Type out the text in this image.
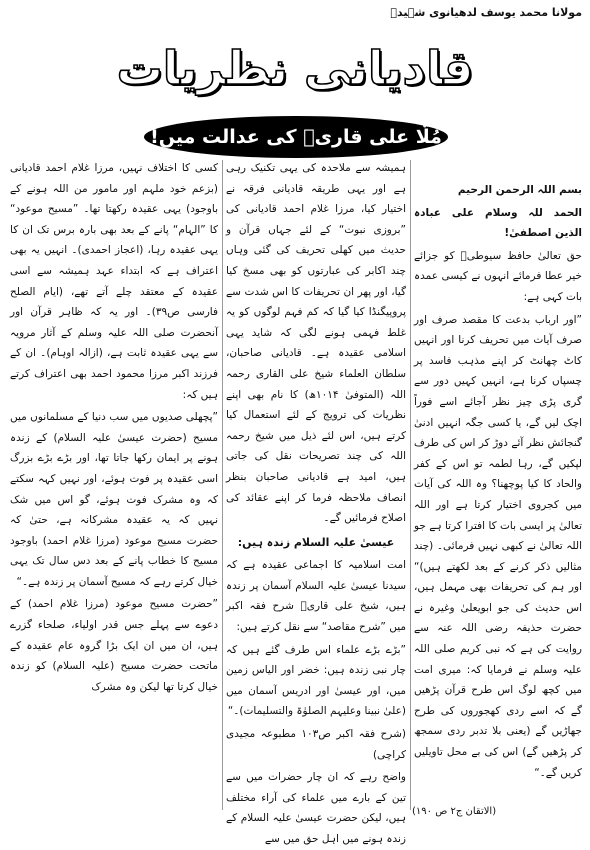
مولانا محمد یوسف لدھیانوی شہیدؒ
قادیانی نظریات
مُلّا علی قاریؒ کی عدالت میں!

بسم اللہ الرحمن الرحیم

الحمد للہ وسلام علی عبادہ الذین اصطفیٰ!

حق تعالیٰ حافظ سیوطیؒ کو جزائے خیر عطا فرمائے انہوں نے کیسی عمدہ بات کہی ہے:

”اور ارباب بدعت کا مقصد صرف اور صرف آیات میں تحریف کرنا اور انہیں کاٹ چھانٹ کر اپنے مذہب فاسد پر چسپاں کرنا ہے، انہیں کہیں دور سے گری پڑی چیز نظر آجائے اسے فوراً اچک لیں گے، یا کسی جگہ انہیں ادنیٰ گنجائش نظر آئے دوڑ کر اس کی طرف لپکیں گے، رہا لطمہ تو اس کے کفر والحاد کا کیا پوچھنا؟ وہ اللہ کی آیات میں کجروی اختیار کرتا ہے اور اللہ تعالیٰ پر ایسی بات کا افترا کرتا ہے جو اللہ تعالیٰ نے کبھی نہیں فرمائی۔ (چند مثالیں ذکر کرنے کے بعد لکھتے ہیں)“ اور ہم کی تحریفات بھی مہمل ہیں، اس حدیث کی جو ابویعلیٰ وغیرہ نے حضرت حذیفہ رضی اللہ عنہ سے روایت کی ہے کہ نبی کریم صلی اللہ علیہ وسلم نے فرمایا کہ: میری امت میں کچھ لوگ اس طرح قرآن پڑھیں گے کہ اسے ردی کھجوروں کی طرح جھاڑیں گے (یعنی بلا تدبر ردی سمجھ کر پڑھیں گے) اس کی بے محل تاویلیں کریں گے۔“

(الاتقان ج۲ ص ۱۹۰)

ہمیشہ سے ملاحدہ کی یہی تکنیک رہی ہے اور یہی طریقہ قادیانی فرقہ نے اختیار کیا، مرزا غلام احمد قادیانی کی ”بروزی نبوت“ کے لئے جہاں قرآن و حدیث میں کھلی تحریف کی گئی وہاں چند اکابر کی عبارتوں کو بھی مسخ کیا گیا، اور پھر ان تحریفات کا اس شدت سے پروپیگنڈا کیا گیا کہ کم فہم لوگوں کو یہ غلط فہمی ہونے لگی کہ شاید یہی اسلامی عقیدہ ہے۔ قادیانی صاحبان، سلطان العلماء شیخ علی القاری رحمہ اللہ (المتوفیٰ ۱۰۱۴ھ) کا نام بھی اپنے نظریات کی ترویج کے لئے استعمال کیا کرتے ہیں، اس لئے ذیل میں شیخ رحمہ اللہ کی چند تصریحات نقل کی جاتی ہیں، امید ہے قادیانی صاحبان بنظر انصاف ملاحظہ فرما کر اپنے عقائد کی اصلاح فرمائیں گے۔

عیسیٰ علیہ السلام زندہ ہیں:

امت اسلامیہ کا اجماعی عقیدہ ہے کہ سیدنا عیسیٰ علیہ السلام آسمان پر زندہ ہیں، شیخ علی قاریؒ شرح فقہ اکبر میں ”شرح مقاصد“ سے نقل کرتے ہیں:

”بڑے بڑے علماء اس طرف گئے ہیں کہ چار نبی زندہ ہیں: خضر اور الیاس زمین میں، اور عیسیٰ اور ادریس آسمان میں (علیٰ نبینا وعلیہم الصلوٰۃ والتسلیمات)۔“

(شرح فقہ اکبر ص۱۰۳ مطبوعہ مجیدی کراچی)

واضح رہے کہ ان چار حضرات میں سے تین کے بارے میں علماء کی آراء مختلف ہیں، لیکن حضرت عیسیٰ علیہ السلام کے زندہ ہونے میں اہل حق میں سے

کسی کا اختلاف نہیں، مرزا غلام احمد قادیانی (بزعم خود ملہم اور مامور من اللہ ہونے کے باوجود) یہی عقیدہ رکھتا تھا۔ ”مسیح موعود“ کا ”الہام“ پانے کے بعد بھی بارہ برس تک ان کا یہی عقیدہ رہا، (اعجاز احمدی)۔ انہیں یہ بھی اعتراف ہے کہ ابتداء عہد ہمیشہ سے اسی عقیدہ کے معتقد چلے آتے تھے، (ایام الصلح فارسی ص۳۹)۔ اور یہ کہ ظاہر قرآن اور آنحضرت صلی اللہ علیہ وسلم کے آثار مرویہ سے یہی عقیدہ ثابت ہے، (ازالہ اوہام)۔ ان کے فرزند اکبر مرزا محمود احمد بھی اعتراف کرتے ہیں کہ:

”پچھلی صدیوں میں سب دنیا کے مسلمانوں میں مسیح (حضرت عیسیٰ علیہ السلام) کے زندہ ہونے پر ایمان رکھا جاتا تھا، اور بڑے بڑے بزرگ اسی عقیدہ پر فوت ہوئے، اور نہیں کہہ سکتے کہ وہ مشرک فوت ہوئے، گو اس میں شک نہیں کہ یہ عقیدہ مشرکانہ ہے، حتیٰ کہ حضرت مسیح موعود (مرزا غلام احمد) باوجود مسیح کا خطاب پانے کے بعد دس سال تک یہی خیال کرتے رہے کہ مسیح آسمان پر زندہ ہے۔“

”حضرت مسیح موعود (مرزا غلام احمد) کے دعوے سے پہلے جس قدر اولیاء، صلحاء گزرے ہیں، ان میں ان ایک بڑا گروہ عام عقیدہ کے ماتحت حضرت مسیح (علیہ السلام) کو زندہ خیال کرتا تھا لیکن وہ مشرک
